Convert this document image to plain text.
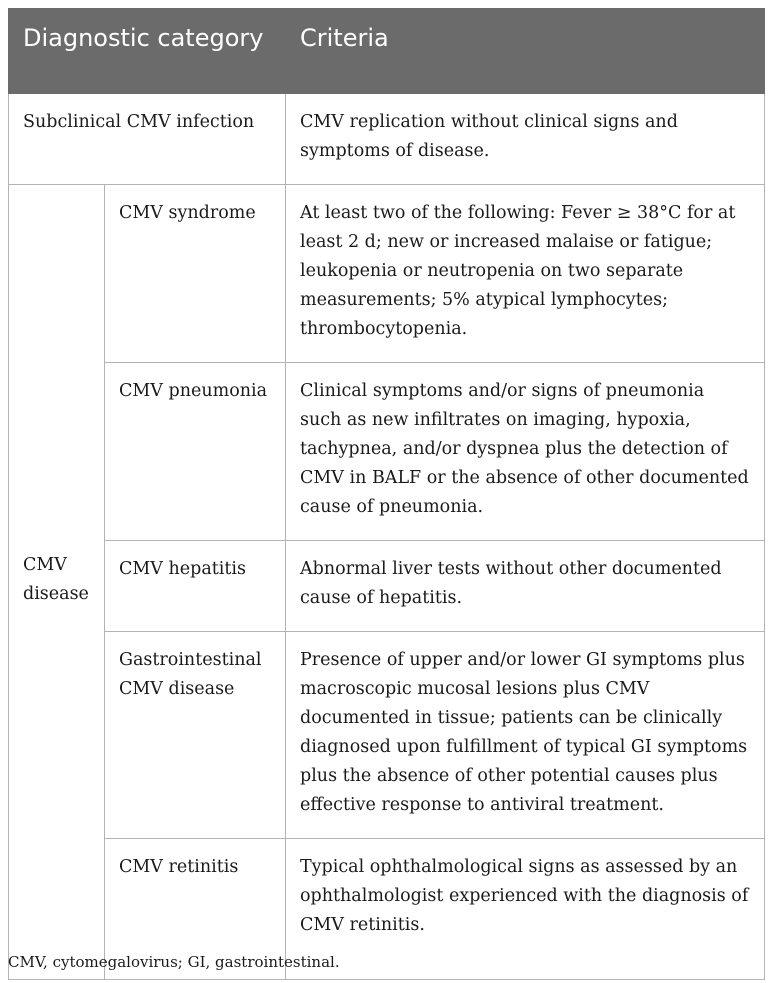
Diagnostic category		Criteria
Subclinical CMV infection		CMV replication without clinical signs and symptoms of disease.
CMV disease	CMV syndrome	At least two of the following: Fever ≥ 38°C for at least 2 d; new or increased malaise or fatigue; leukopenia or neutropenia on two separate measurements; 5% atypical lymphocytes; thrombocytopenia.
	CMV pneumonia	Clinical symptoms and/or signs of pneumonia such as new infiltrates on imaging, hypoxia, tachypnea, and/or dyspnea plus the detection of CMV in BALF or the absence of other documented cause of pneumonia.
	CMV hepatitis	Abnormal liver tests without other documented cause of hepatitis.
	Gastrointestinal CMV disease	Presence of upper and/or lower GI symptoms plus macroscopic mucosal lesions plus CMV documented in tissue; patients can be clinically diagnosed upon fulfillment of typical GI symptoms plus the absence of other potential causes plus effective response to antiviral treatment.
	CMV retinitis	Typical ophthalmological signs as assessed by an ophthalmologist experienced with the diagnosis of CMV retinitis.
CMV, cytomegalovirus; GI, gastrointestinal.
